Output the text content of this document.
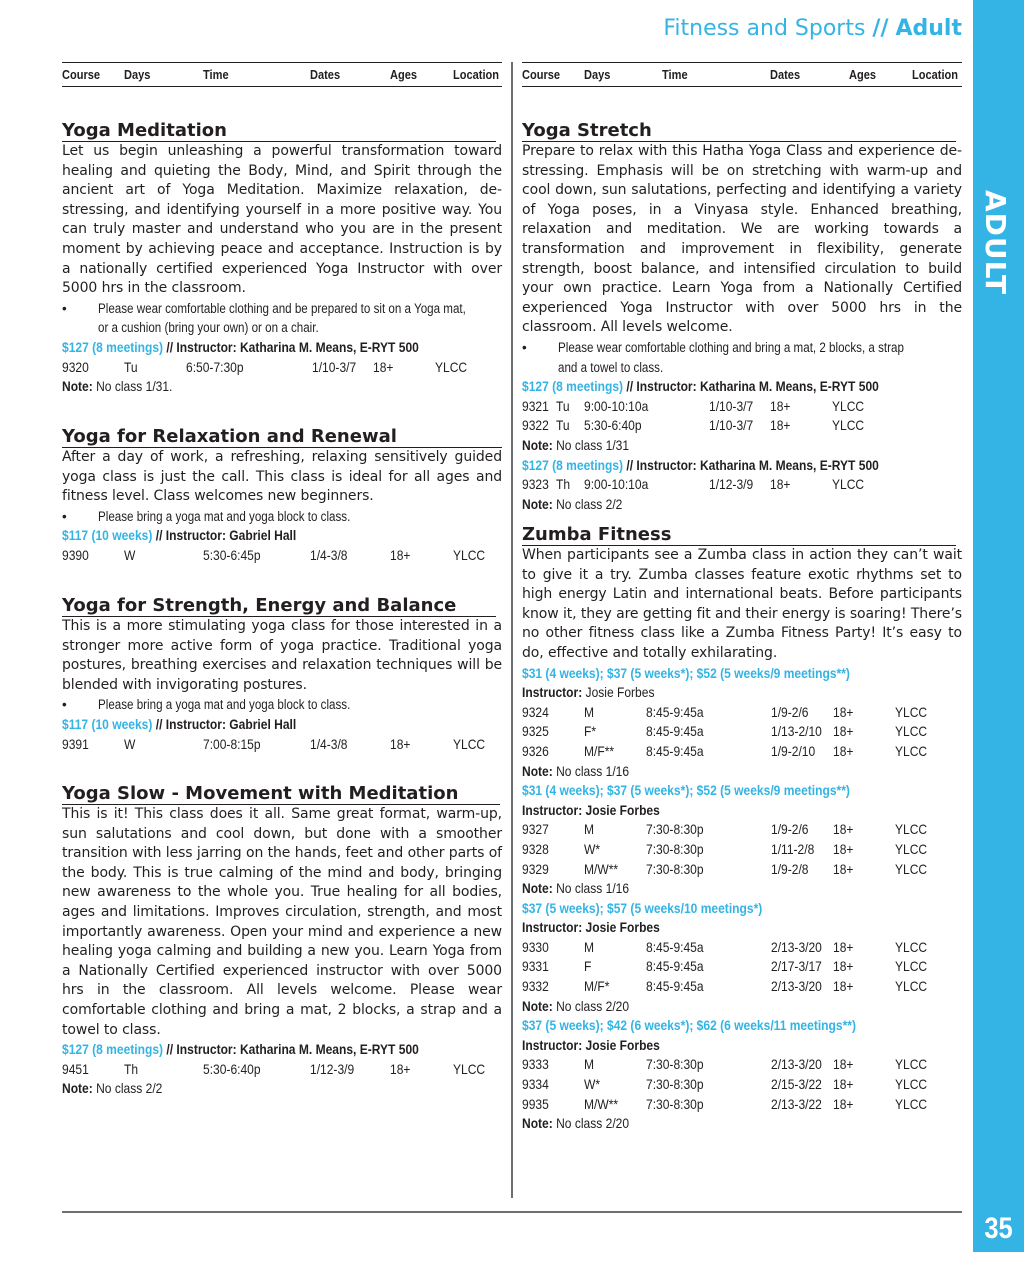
ADULT
35
Fitness and Sports // Adult
Course Days	Time	Dates	Ages	Location
Yoga Meditation
Let us begin unleashing a powerful transformation toward healing and quieting the Body, Mind, and Spirit through the ancient art of Yoga Meditation. Maximize relaxation, de-stressing, and identifying yourself in a more positive way. You can truly master and understand who you are in the present moment by achieving peace and acceptance. Instruction is by a nationally certified experienced Yoga Instructor with over 5000 hrs in the classroom.
• Please wear comfortable clothing and be prepared to sit on a Yoga mat,
or a cushion (bring your own) or on a chair.
$127 (8 meetings) // Instructor: Katharina M. Means, E-RYT 500
9320	Tu	6:50-7:30p	1/10-3/7 18+	YLCC
Note: No class 1/31.
Yoga for Relaxation and Renewal
After a day of work, a refreshing, relaxing sensitively guided yoga class is just the call. This class is ideal for all ages and fitness level. Class welcomes new beginners.
• Please bring a yoga mat and yoga block to class.
$117 (10 weeks) // Instructor: Gabriel Hall
9390	W	5:30-6:45p	1/4-3/8	18+	YLCC
Yoga for Strength, Energy and Balance
This is a more stimulating yoga class for those interested in a stronger more active form of yoga practice. Traditional yoga postures, breathing exercises and relaxation techniques will be blended with invigorating postures.
• Please bring a yoga mat and yoga block to class.
$117 (10 weeks) // Instructor: Gabriel Hall
9391	W	7:00-8:15p	1/4-3/8	18+	YLCC
Yoga Slow - Movement with Meditation
This is it! This class does it all. Same great format, warm-up, sun salutations and cool down, but done with a smoother transition with less jarring on the hands, feet and other parts of the body. This is true calming of the mind and body, bringing new awareness to the whole you. True healing for all bodies, ages and limitations. Improves circulation, strength, and most importantly awareness. Open your mind and experience a new healing yoga calming and building a new you. Learn Yoga from a Nationally Certified experienced instructor with over 5000 hrs in the classroom. All levels welcome. Please wear comfortable clothing and bring a mat, 2 blocks, a strap and a towel to class.
$127 (8 meetings) // Instructor: Katharina M. Means, E-RYT 500
9451	Th	5:30-6:40p	1/12-3/9	18+	YLCC
Note: No class 2/2
Course Days	Time	Dates	Ages	Location
Yoga Stretch
Prepare to relax with this Hatha Yoga Class and experience de-stressing. Emphasis will be on stretching with warm-up and cool down, sun salutations, perfecting and identifying a variety of Yoga poses, in a Vinyasa style. Enhanced breathing, relaxation and meditation. We are working towards a transformation and improvement in flexibility, generate strength, boost balance, and intensified circulation to build your own practice. Learn Yoga from a Nationally Certified experienced Yoga Instructor with over 5000 hrs in the classroom. All levels welcome.
• Please wear comfortable clothing and bring a mat, 2 blocks, a strap
and a towel to class.
$127 (8 meetings) // Instructor: Katharina M. Means, E-RYT 500
9321 Tu 9:00-10:10a	1/10-3/7 18+	YLCC
9322 Tu 5:30-6:40p	1/10-3/7 18+	YLCC
Note: No class 1/31
$127 (8 meetings) // Instructor: Katharina M. Means, E-RYT 500
9323 Th 9:00-10:10a	1/12-3/9 18+	YLCC
Note: No class 2/2
Zumba Fitness
When participants see a Zumba class in action they can’t wait to give it a try. Zumba classes feature exotic rhythms set to high energy Latin and international beats. Before participants know it, they are getting fit and their energy is soaring! There’s no other fitness class like a Zumba Fitness Party! It’s easy to do, effective and totally exhilarating.
$31 (4 weeks); $37 (5 weeks*); $52 (5 weeks/9 meetings**)
Instructor: Josie Forbes
9324	M	8:45-9:45a	1/9-2/6 18+	YLCC
9325	F*	8:45-9:45a	1/13-2/10 18+	YLCC
9326	M/F** 8:45-9:45a	1/9-2/10 18+	YLCC
Note: No class 1/16
$31 (4 weeks); $37 (5 weeks*); $52 (5 weeks/9 meetings**)
Instructor: Josie Forbes
9327	M	7:30-8:30p	1/9-2/6 18+	YLCC
9328	W*	7:30-8:30p	1/11-2/8 18+	YLCC
9329	M/W** 7:30-8:30p	1/9-2/8 18+	YLCC
Note: No class 1/16
$37 (5 weeks); $57 (5 weeks/10 meetings*)
Instructor: Josie Forbes
9330	M	8:45-9:45a	2/13-3/20 18+	YLCC
9331	F	8:45-9:45a	2/17-3/17 18+	YLCC
9332	M/F*	8:45-9:45a	2/13-3/20 18+	YLCC
Note: No class 2/20
$37 (5 weeks); $42 (6 weeks*); $62 (6 weeks/11 meetings**)
Instructor: Josie Forbes
9333	M	7:30-8:30p	2/13-3/20 18+	YLCC
9334	W*	7:30-8:30p	2/15-3/22 18+	YLCC
9935	M/W** 7:30-8:30p	2/13-3/22 18+	YLCC
Note: No class 2/20
